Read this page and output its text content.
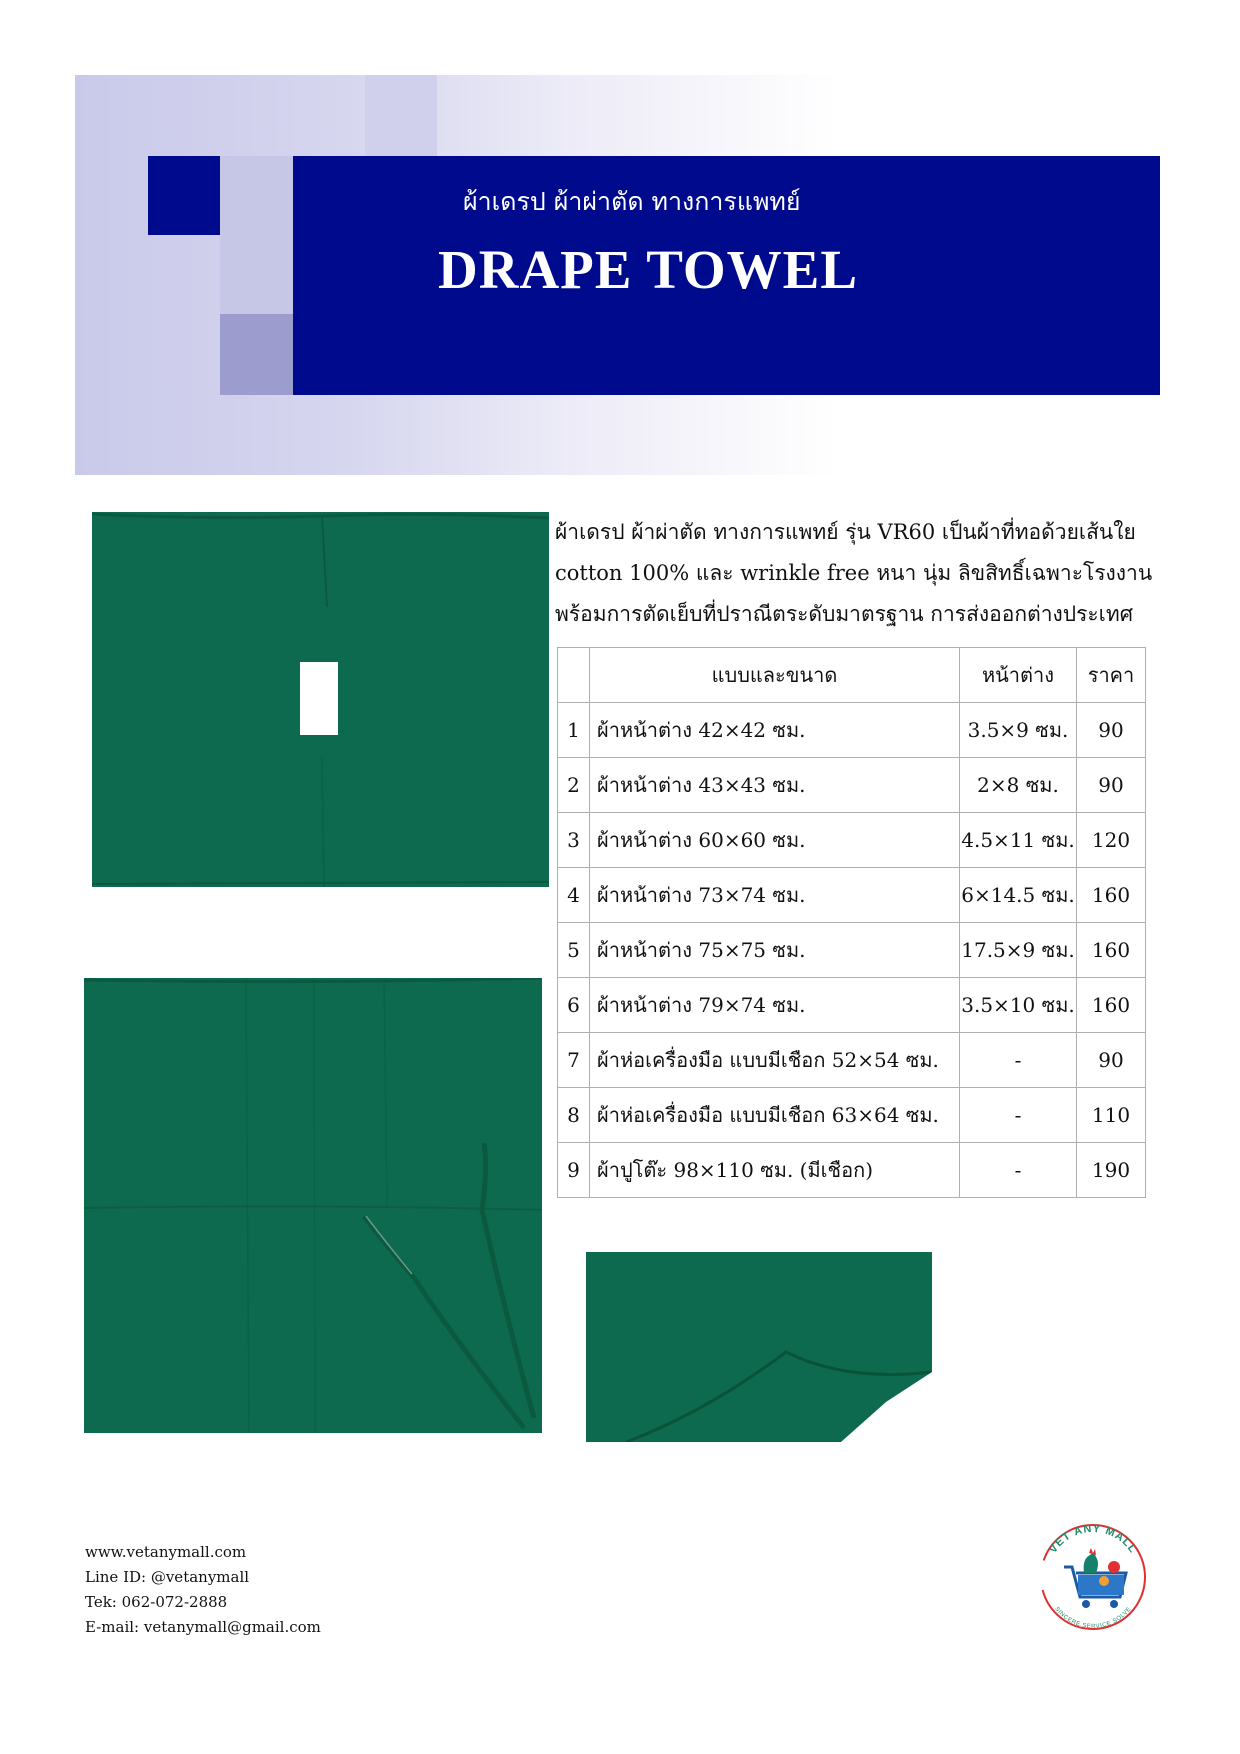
ผ้าเดรป ผ้าผ่าตัด ทางการแพทย์
DRAPE TOWEL

ผ้าเดรป ผ้าผ่าตัด ทางการแพทย์ รุ่น VR60 เป็นผ้าที่ทอด้วยเส้นใย

cotton 100% และ wrinkle free หนา นุ่ม ลิขสิทธิ์เฉพาะโรงงาน

พร้อมการตัดเย็บที่ปราณีตระดับมาตรฐาน การส่งออกต่างประเทศ

	แบบและขนาด	หน้าต่าง	ราคา
1	ผ้าหน้าต่าง 42×42 ซม.	3.5×9 ซม.	90
2	ผ้าหน้าต่าง 43×43 ซม.	2×8 ซม.	90
3	ผ้าหน้าต่าง 60×60 ซม.	4.5×11 ซม.	120
4	ผ้าหน้าต่าง 73×74 ซม.	6×14.5 ซม.	160
5	ผ้าหน้าต่าง 75×75 ซม.	17.5×9 ซม.	160
6	ผ้าหน้าต่าง 79×74 ซม.	3.5×10 ซม.	160
7	ผ้าห่อเครื่องมือ แบบมีเชือก 52×54 ซม.	-	90
8	ผ้าห่อเครื่องมือ แบบมีเชือก 63×64 ซม.	-	110
9	ผ้าปูโต๊ะ 98×110 ซม. (มีเชือก)	-	190
www.vetanymall.com
Line ID: @vetanymall
Tek: 062-072-2888
E-mail: vetanymall@gmail.com
VET ANY MALL
SINCERE SERVICE SOLVE
